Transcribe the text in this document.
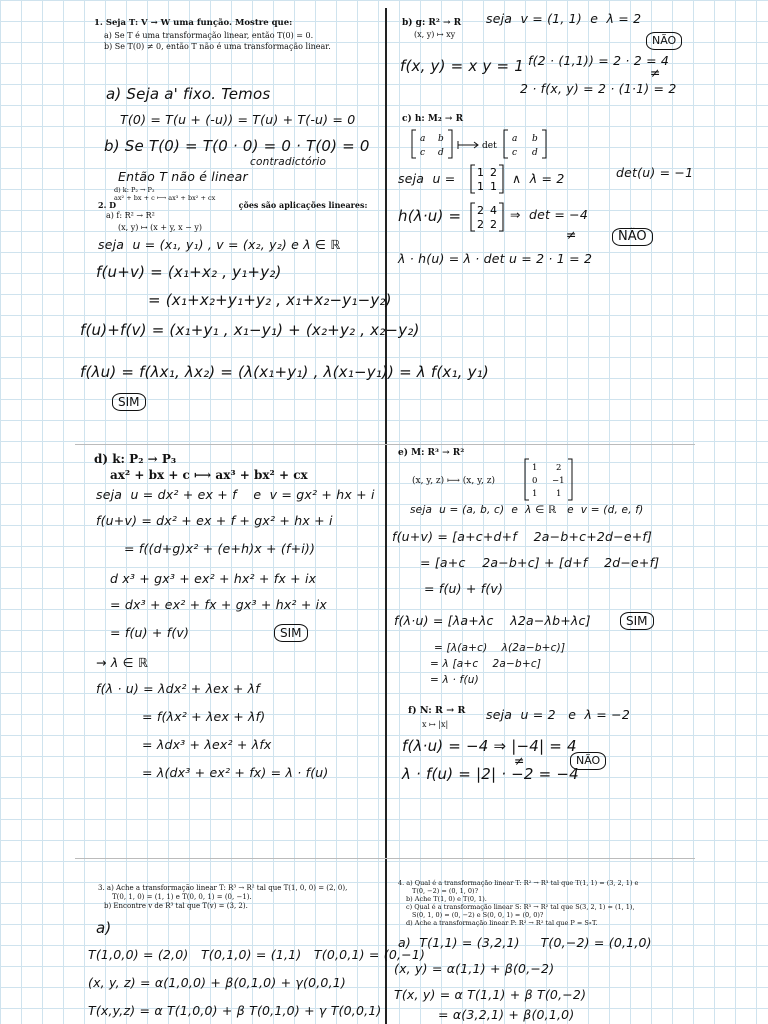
1. Seja T: V → W uma função. Mostre que:
a) Se T é uma transformação linear, então T(0) = 0.
b) Se T(0) ≠ 0, então T não é uma transformação linear.
a) Seja a' fixo. Temos
T(0) = T(u + (-u)) = T(u) + T(-u) = 0
b) Se T(0) = T(0 · 0) = 0 · T(0) = 0
contradictório
Então T não é linear
d) k: P₂ → P₃
ax² + bx + c ⟼ ax³ + bx² + cx
2. D                                            ções são aplicações lineares:
a) f: R² → R²
(x, y) ↦ (x + y, x − y)
seja  u = (x₁, y₁) , v = (x₂, y₂) e λ ∈ ℝ
f(u+v) = (x₁+x₂ , y₁+y₂)
= (x₁+x₂+y₁+y₂ , x₁+x₂−y₁−y₂)
f(u)+f(v) = (x₁+y₁ , x₁−y₁) + (x₂+y₂ , x₂−y₂)
f(λu) = f(λx₁, λx₂) = (λ(x₁+y₁) , λ(x₁−y₁)) = λ f(x₁, y₁)
SIM
b) g: R² → R
(x, y) ↦ xy
seja  v = (1, 1)  e  λ = 2
NÃO
f(x, y) = x y = 1 f(2 · (1,1)) = 2 · 2 = 4
2 · f(x, y) = 2 · (1·1) = 2
≠
c) h: M₂ → R
a b
c d
det
a b
c d
seja  u = 1 2
1 1
∧  λ = 2	det(u) = −1
h(λ·u) = 2 4
2 2
⇒  det = −4
≠	NÃO
λ · h(u) = λ · det u = 2 · 1 = 2
d) k: P₂ → P₃
ax² + bx + c ⟼ ax³ + bx² + cx
seja  u = dx² + ex + f    e  v = gx² + hx + i
f(u+v) = dx² + ex + f + gx² + hx + i
= f((d+g)x² + (e+h)x + (f+i))
d x³ + gx³ + ex² + hx² + fx + ix
= dx³ + ex² + fx + gx³ + hx² + ix
= f(u) + f(v)	SIM
→ λ ∈ ℝ
f(λ · u) = λdx² + λex + λf
= f(λx² + λex + λf)
= λdx³ + λex² + λfx
= λ(dx³ + ex² + fx) = λ · f(u)
e) M: R³ → R²
(x, y, z) ⟼ (x, y, z)
1 2
0 −1
1 1
seja  u = (a, b, c)  e  λ ∈ ℝ   e  v = (d, e, f)
f(u+v) = [a+c+d+f    2a−b+c+2d−e+f]
= [a+c    2a−b+c] + [d+f    2d−e+f]
= f(u) + f(v)
f(λ·u) = [λa+λc    λ2a−λb+λc]	SIM
= [λ(a+c)    λ(2a−b+c)]
= λ [a+c    2a−b+c]
= λ · f(u)
f) N: R → R
x ↦ |x|
seja  u = 2   e  λ = −2
f(λ·u) = −4 ⇒ |−4| = 4
≠
λ · f(u) = |2| · −2 = −4
NÃO
3. a) Ache a transformação linear T: R³ → R² tal que T(1, 0, 0) = (2, 0),
T(0, 1, 0) = (1, 1) e T(0, 0, 1) = (0, −1).
b) Encontre v de R³ tal que T(v) = (3, 2).
a)
T(1,0,0) = (2,0)   T(0,1,0) = (1,1)   T(0,0,1) = (0,−1)
(x, y, z) = α(1,0,0) + β(0,1,0) + γ(0,0,1)
T(x,y,z) = α T(1,0,0) + β T(0,1,0) + γ T(0,0,1)
4. a) Qual é a transformação linear T: R² → R³ tal que T(1, 1) = (3, 2, 1) e
T(0, −2) = (0, 1, 0)?
b) Ache T(1, 0) e T(0, 1).
c) Qual é a transformação linear S: R³ → R² tal que S(3, 2, 1) = (1, 1),
S(0, 1, 0) = (0, −2) e S(0, 0, 1) = (0, 0)?
d) Ache a transformação linear P: R² → R² tal que P = S∘T.
a)  T(1,1) = (3,2,1)     T(0,−2) = (0,1,0)
(x, y) = α(1,1) + β(0,−2)
T(x, y) = α T(1,1) + β T(0,−2)
= α(3,2,1) + β(0,1,0)
